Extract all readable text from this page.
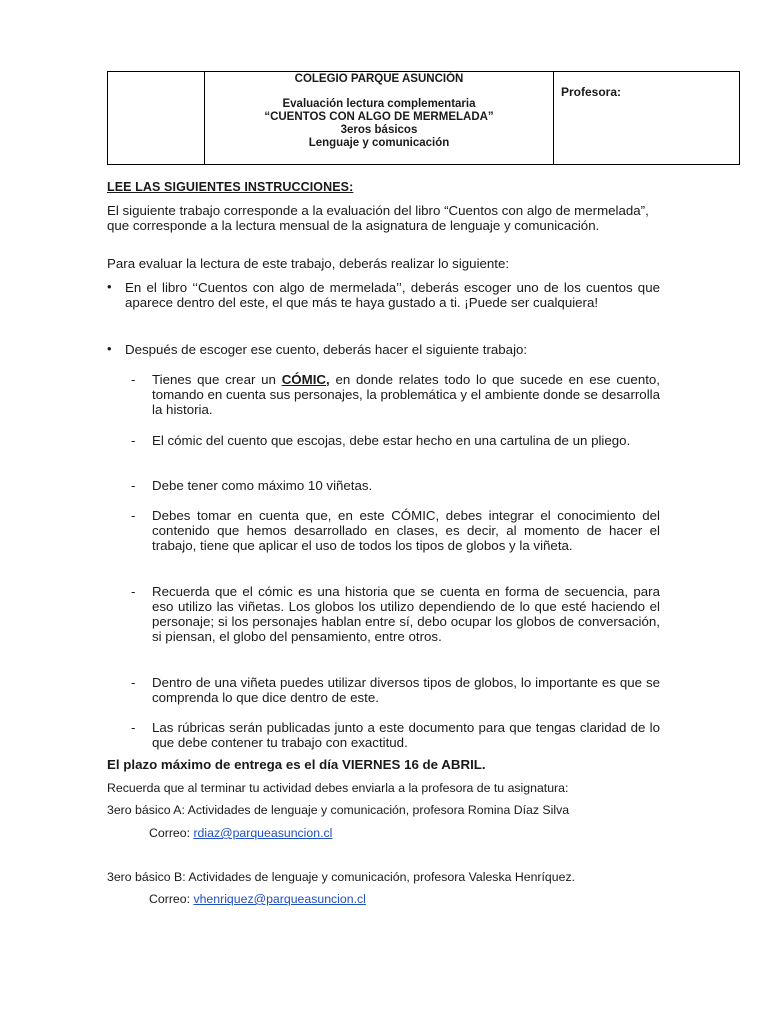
COLEGIO PARQUE ASUNCIÓN
Evaluación lectura complementaria
“CUENTOS CON ALGO DE MERMELADA”
3eros básicos
Lenguaje y comunicación

Profesora:
LEE LAS SIGUIENTES INSTRUCCIONES:
El siguiente trabajo corresponde a la evaluación del libro “Cuentos con algo de mermelada”, que corresponde a la lectura mensual de la asignatura de lenguaje y comunicación.
Para evaluar la lectura de este trabajo, deberás realizar lo siguiente:
• En el libro ‘‘Cuentos con algo de mermelada’’, deberás escoger uno de los cuentos que aparece dentro del este, el que más te haya gustado a ti. ¡Puede ser cualquiera!
• Después de escoger ese cuento, deberás hacer el siguiente trabajo:
- Tienes que crear un CÓMIC, en donde relates todo lo que sucede en ese cuento, tomando en cuenta sus personajes, la problemática y el ambiente donde se desarrolla la historia.
- El cómic del cuento que escojas, debe estar hecho en una cartulina de un pliego.
- Debe tener como máximo 10 viñetas.
- Debes tomar en cuenta que, en este CÓMIC, debes integrar el conocimiento del contenido que hemos desarrollado en clases, es decir, al momento de hacer el trabajo, tiene que aplicar el uso de todos los tipos de globos y la viñeta.
- Recuerda que el cómic es una historia que se cuenta en forma de secuencia, para eso utilizo las viñetas. Los globos los utilizo dependiendo de lo que esté haciendo el personaje; si los personajes hablan entre sí, debo ocupar los globos de conversación, si piensan, el globo del pensamiento, entre otros.
- Dentro de una viñeta puedes utilizar diversos tipos de globos, lo importante es que se comprenda lo que dice dentro de este.
- Las rúbricas serán publicadas junto a este documento para que tengas claridad de lo que debe contener tu trabajo con exactitud.
El plazo máximo de entrega es el día VIERNES 16 de ABRIL.
Recuerda que al terminar tu actividad debes enviarla a la profesora de tu asignatura:
3ero básico A: Actividades de lenguaje y comunicación, profesora Romina Díaz Silva
Correo: rdiaz@parqueasuncion.cl
3ero básico B: Actividades de lenguaje y comunicación, profesora Valeska Henríquez.
Correo: vhenriquez@parqueasuncion.cl
